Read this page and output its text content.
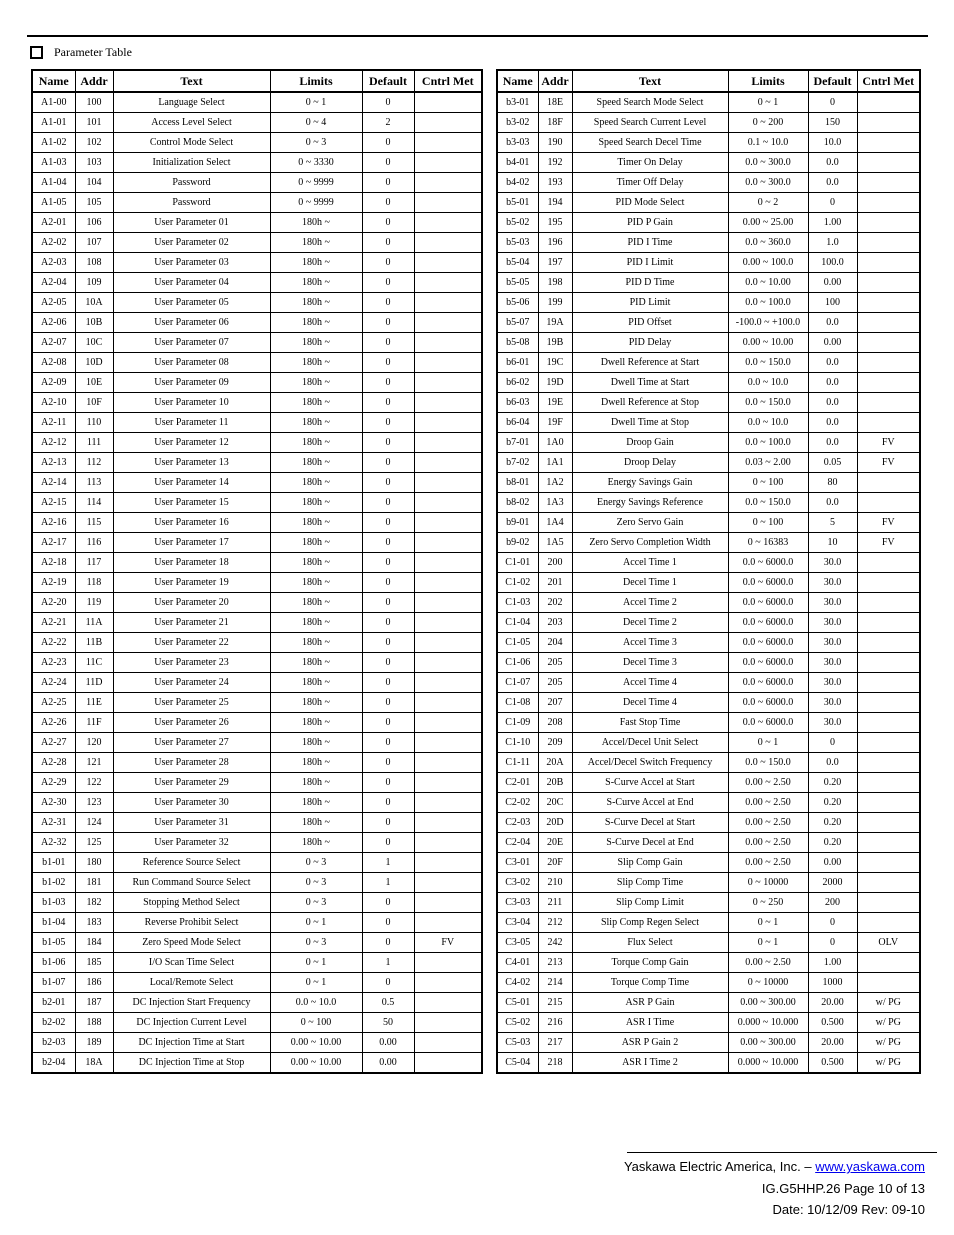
Parameter Table
Name	Addr	Text	Limits	Default	Cntrl Met
A1-00	100	Language Select	0 ~ 1	0	
A1-01	101	Access Level Select	0 ~ 4	2	
A1-02	102	Control Mode Select	0 ~ 3	0	
A1-03	103	Initialization Select	0 ~ 3330	0	
A1-04	104	Password	0 ~ 9999	0	
A1-05	105	Password	0 ~ 9999	0	
A2-01	106	User Parameter 01	180h ~	0	
A2-02	107	User Parameter 02	180h ~	0	
A2-03	108	User Parameter 03	180h ~	0	
A2-04	109	User Parameter 04	180h ~	0	
A2-05	10A	User Parameter 05	180h ~	0	
A2-06	10B	User Parameter 06	180h ~	0	
A2-07	10C	User Parameter 07	180h ~	0	
A2-08	10D	User Parameter 08	180h ~	0	
A2-09	10E	User Parameter 09	180h ~	0	
A2-10	10F	User Parameter 10	180h ~	0	
A2-11	110	User Parameter 11	180h ~	0	
A2-12	111	User Parameter 12	180h ~	0	
A2-13	112	User Parameter 13	180h ~	0	
A2-14	113	User Parameter 14	180h ~	0	
A2-15	114	User Parameter 15	180h ~	0	
A2-16	115	User Parameter 16	180h ~	0	
A2-17	116	User Parameter 17	180h ~	0	
A2-18	117	User Parameter 18	180h ~	0	
A2-19	118	User Parameter 19	180h ~	0	
A2-20	119	User Parameter 20	180h ~	0	
A2-21	11A	User Parameter 21	180h ~	0	
A2-22	11B	User Parameter 22	180h ~	0	
A2-23	11C	User Parameter 23	180h ~	0	
A2-24	11D	User Parameter 24	180h ~	0	
A2-25	11E	User Parameter 25	180h ~	0	
A2-26	11F	User Parameter 26	180h ~	0	
A2-27	120	User Parameter 27	180h ~	0	
A2-28	121	User Parameter 28	180h ~	0	
A2-29	122	User Parameter 29	180h ~	0	
A2-30	123	User Parameter 30	180h ~	0	
A2-31	124	User Parameter 31	180h ~	0	
A2-32	125	User Parameter 32	180h ~	0	
b1-01	180	Reference Source Select	0 ~ 3	1	
b1-02	181	Run Command Source Select	0 ~ 3	1	
b1-03	182	Stopping Method Select	0 ~ 3	0	
b1-04	183	Reverse Prohibit Select	0 ~ 1	0	
b1-05	184	Zero Speed Mode Select	0 ~ 3	0	FV
b1-06	185	I/O Scan Time Select	0 ~ 1	1	
b1-07	186	Local/Remote Select	0 ~ 1	0	
b2-01	187	DC Injection Start Frequency	0.0 ~ 10.0	0.5	
b2-02	188	DC Injection Current Level	0 ~ 100	50	
b2-03	189	DC Injection Time at Start	0.00 ~ 10.00	0.00	
b2-04	18A	DC Injection Time at Stop	0.00 ~ 10.00	0.00	
Name	Addr	Text	Limits	Default	Cntrl Met
b3-01	18E	Speed Search Mode Select	0 ~ 1	0	
b3-02	18F	Speed Search Current Level	0 ~ 200	150	
b3-03	190	Speed Search Decel Time	0.1 ~ 10.0	10.0	
b4-01	192	Timer On Delay	0.0 ~ 300.0	0.0	
b4-02	193	Timer Off Delay	0.0 ~ 300.0	0.0	
b5-01	194	PID Mode Select	0 ~ 2	0	
b5-02	195	PID P Gain	0.00 ~ 25.00	1.00	
b5-03	196	PID I Time	0.0 ~ 360.0	1.0	
b5-04	197	PID I Limit	0.00 ~ 100.0	100.0	
b5-05	198	PID D Time	0.0 ~ 10.00	0.00	
b5-06	199	PID Limit	0.0 ~ 100.0	100	
b5-07	19A	PID Offset	-100.0 ~ +100.0	0.0	
b5-08	19B	PID Delay	0.00 ~ 10.00	0.00	
b6-01	19C	Dwell Reference at Start	0.0 ~ 150.0	0.0	
b6-02	19D	Dwell Time at Start	0.0 ~ 10.0	0.0	
b6-03	19E	Dwell Reference at Stop	0.0 ~ 150.0	0.0	
b6-04	19F	Dwell Time at Stop	0.0 ~ 10.0	0.0	
b7-01	1A0	Droop Gain	0.0 ~ 100.0	0.0	FV
b7-02	1A1	Droop Delay	0.03 ~ 2.00	0.05	FV
b8-01	1A2	Energy Savings Gain	0 ~ 100	80	
b8-02	1A3	Energy Savings Reference	0.0 ~ 150.0	0.0	
b9-01	1A4	Zero Servo Gain	0 ~ 100	5	FV
b9-02	1A5	Zero Servo Completion Width	0 ~ 16383	10	FV
C1-01	200	Accel Time 1	0.0 ~ 6000.0	30.0	
C1-02	201	Decel Time 1	0.0 ~ 6000.0	30.0	
C1-03	202	Accel Time 2	0.0 ~ 6000.0	30.0	
C1-04	203	Decel Time 2	0.0 ~ 6000.0	30.0	
C1-05	204	Accel Time 3	0.0 ~ 6000.0	30.0	
C1-06	205	Decel Time 3	0.0 ~ 6000.0	30.0	
C1-07	205	Accel Time 4	0.0 ~ 6000.0	30.0	
C1-08	207	Decel Time 4	0.0 ~ 6000.0	30.0	
C1-09	208	Fast Stop Time	0.0 ~ 6000.0	30.0	
C1-10	209	Accel/Decel Unit Select	0 ~ 1	0	
C1-11	20A	Accel/Decel Switch Frequency	0.0 ~ 150.0	0.0	
C2-01	20B	S-Curve Accel at Start	0.00 ~ 2.50	0.20	
C2-02	20C	S-Curve Accel at End	0.00 ~ 2.50	0.20	
C2-03	20D	S-Curve Decel at Start	0.00 ~ 2.50	0.20	
C2-04	20E	S-Curve Decel at End	0.00 ~ 2.50	0.20	
C3-01	20F	Slip Comp Gain	0.00 ~ 2.50	0.00	
C3-02	210	Slip Comp Time	0 ~ 10000	2000	
C3-03	211	Slip Comp Limit	0 ~ 250	200	
C3-04	212	Slip Comp Regen Select	0 ~ 1	0	
C3-05	242	Flux Select	0 ~ 1	0	OLV
C4-01	213	Torque Comp Gain	0.00 ~ 2.50	1.00	
C4-02	214	Torque Comp Time	0 ~ 10000	1000	
C5-01	215	ASR P Gain	0.00 ~ 300.00	20.00	w/ PG
C5-02	216	ASR I Time	0.000 ~ 10.000	0.500	w/ PG
C5-03	217	ASR P Gain 2	0.00 ~ 300.00	20.00	w/ PG
C5-04	218	ASR I Time 2	0.000 ~ 10.000	0.500	w/ PG
Yaskawa Electric America, Inc. – www.yaskawa.com
IG.G5HHP.26 Page 10 of 13
Date: 10/12/09 Rev: 09-10
